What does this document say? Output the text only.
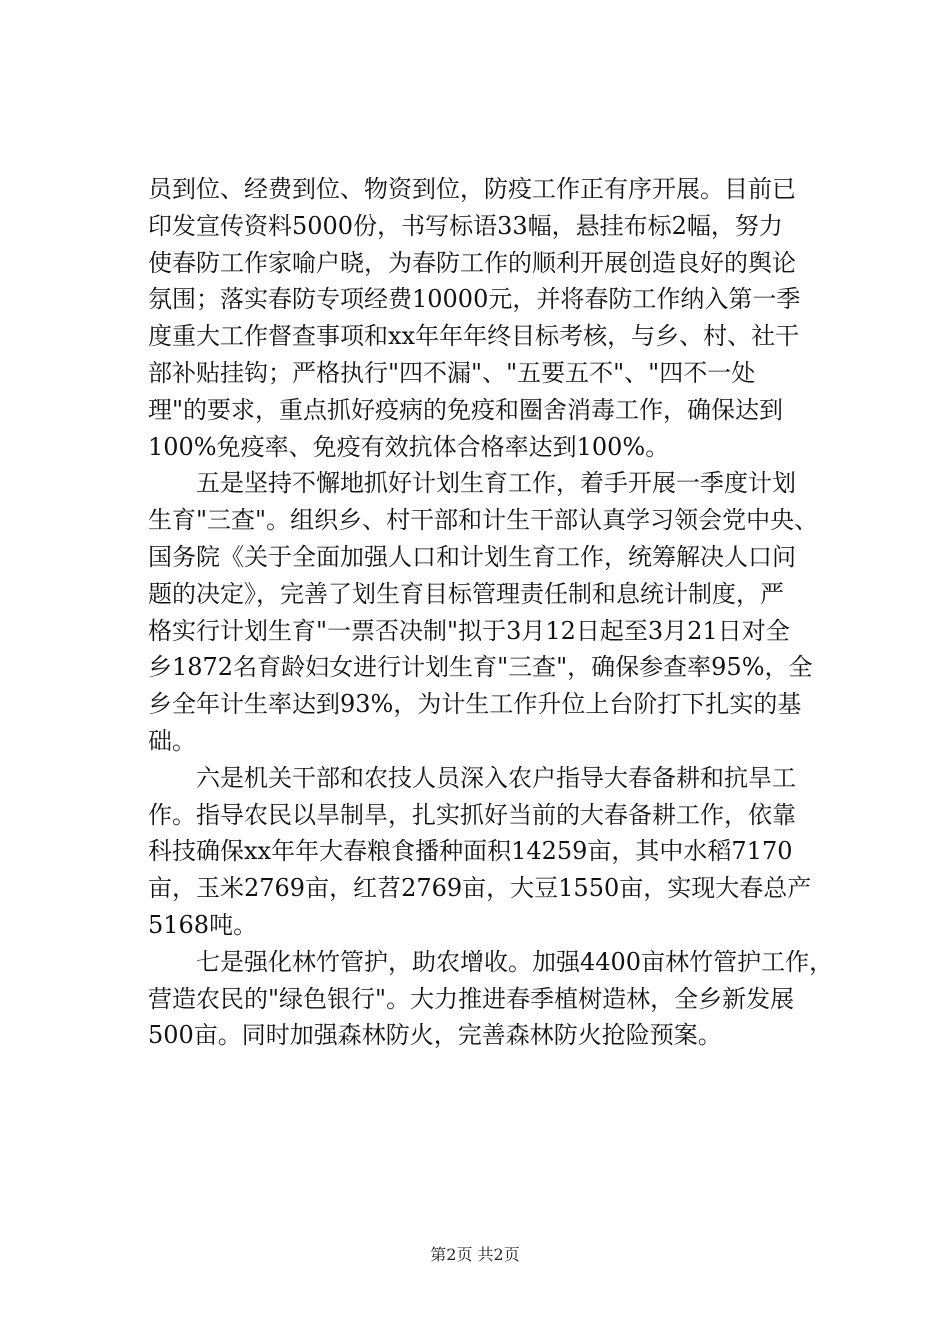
员到位、经费到位、物资到位，防疫工作正有序开展。目前已
印发宣传资料5000份，书写标语33幅，悬挂布标2幅，努力
使春防工作家喻户晓，为春防工作的顺利开展创造良好的舆论
氛围；落实春防专项经费10000元，并将春防工作纳入第一季
度重大工作督查事项和xx年年年终目标考核，与乡、村、社干
部补贴挂钩；严格执行"四不漏"、"五要五不"、"四不一处
理"的要求，重点抓好疫病的免疫和圈舍消毒工作，确保达到
100%免疫率、免疫有效抗体合格率达到100%。
　　五是坚持不懈地抓好计划生育工作，着手开展一季度计划
生育"三查"。组织乡、村干部和计生干部认真学习领会党中央、
国务院《关于全面加强人口和计划生育工作，统筹解决人口问
题的决定》，完善了划生育目标管理责任制和息统计制度，严
格实行计划生育"一票否决制"拟于3月12日起至3月21日对全
乡1872名育龄妇女进行计划生育"三查"，确保参查率95%，全
乡全年计生率达到93%，为计生工作升位上台阶打下扎实的基
础。
　　六是机关干部和农技人员深入农户指导大春备耕和抗旱工
作。指导农民以旱制旱，扎实抓好当前的大春备耕工作，依靠
科技确保xx年年大春粮食播种面积14259亩，其中水稻7170
亩，玉米2769亩，红苕2769亩，大豆1550亩，实现大春总产
5168吨。
　　七是强化林竹管护，助农增收。加强4400亩林竹管护工作，
营造农民的"绿色银行"。大力推进春季植树造林，全乡新发展
500亩。同时加强森林防火，完善森林防火抢险预案。
第2页 共2页
